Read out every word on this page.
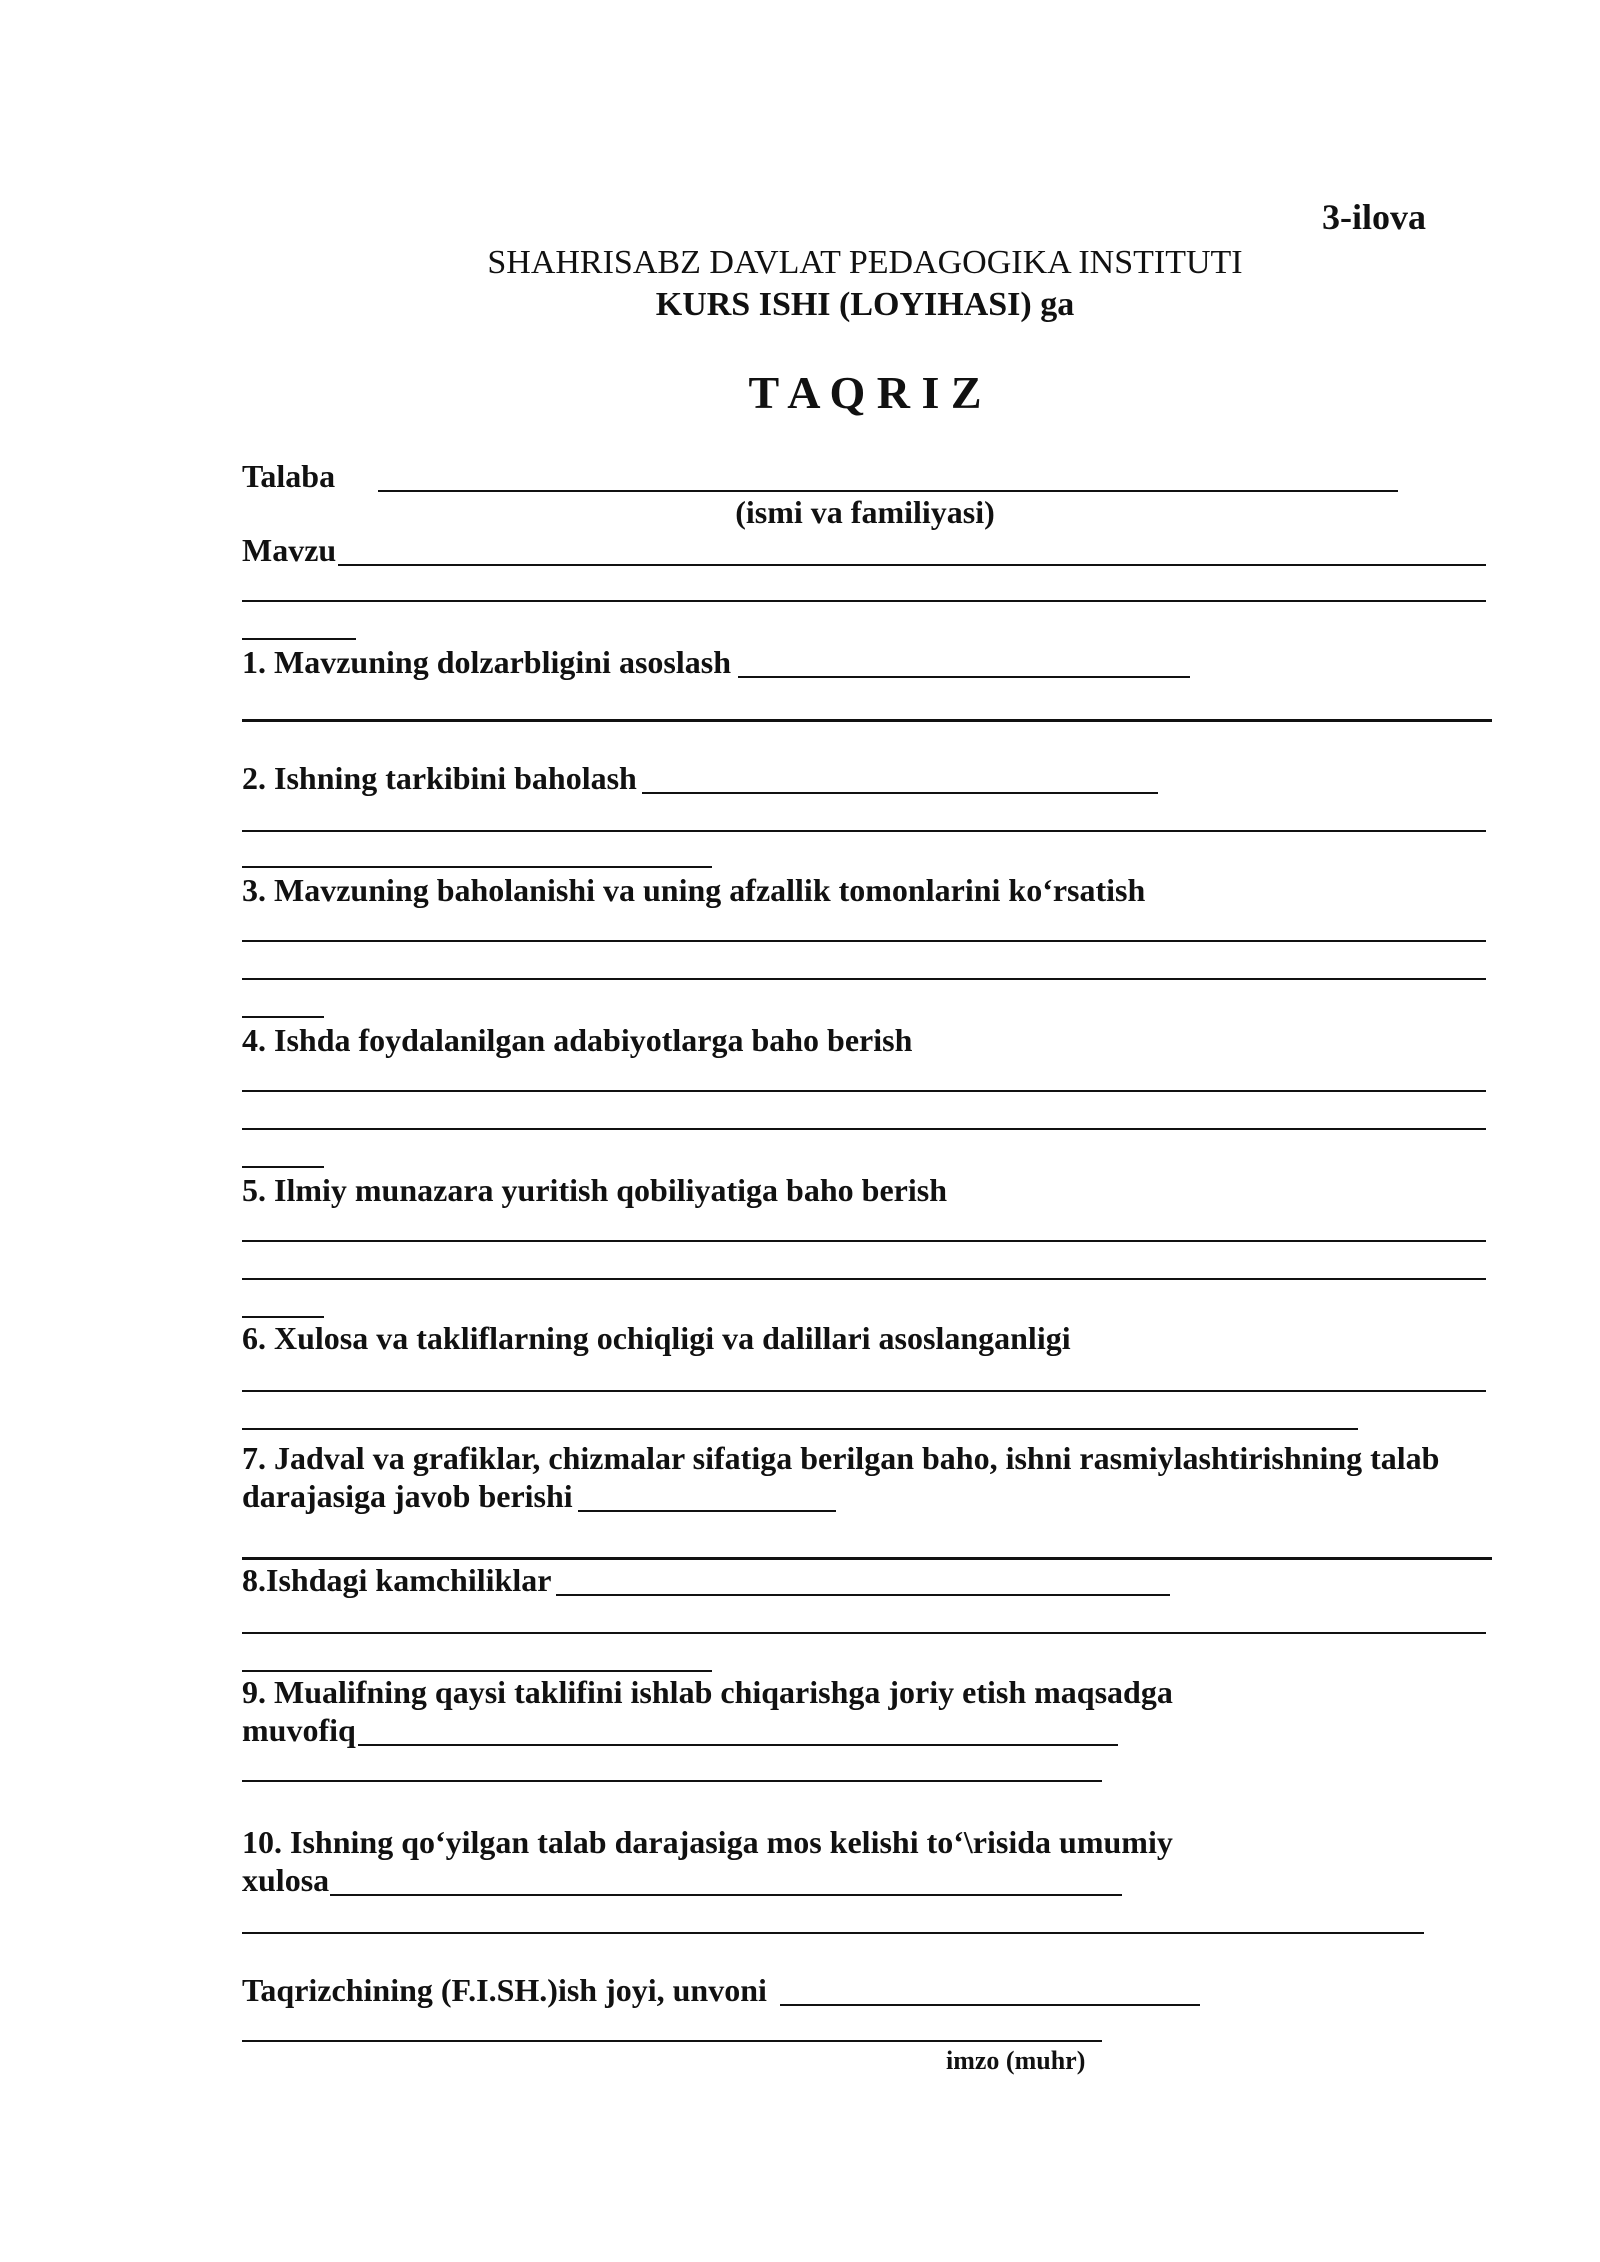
3-ilova
SHAHRISABZ DAVLAT PEDAGOGIKA INSTITUTI
KURS ISHI (LOYIHASI) ga
T A Q R I Z
Talaba
(ismi va familiyasi)
Mavzu
1. Mavzuning dolzarbligini asoslash
2. Ishning tarkibini baholash
3. Mavzuning baholanishi va uning afzallik tomonlarini ko‘rsatish
4. Ishda foydalanilgan adabiyotlarga baho berish
5. Ilmiy munazara yuritish qobiliyatiga baho berish
6. Xulosa va takliflarning ochiqligi va dalillari asoslanganligi
7. Jadval va grafiklar, chizmalar sifatiga berilgan baho, ishni rasmiylashtirishning talab
darajasiga javob berishi
8.Ishdagi kamchiliklar
9. Mualifning qaysi taklifini ishlab chiqarishga joriy etish maqsadga
muvofiq
10. Ishning qo‘yilgan talab darajasiga mos kelishi to‘\risida umumiy
xulosa
Taqrizchining (F.I.SH.)ish joyi, unvoni
imzo (muhr)
